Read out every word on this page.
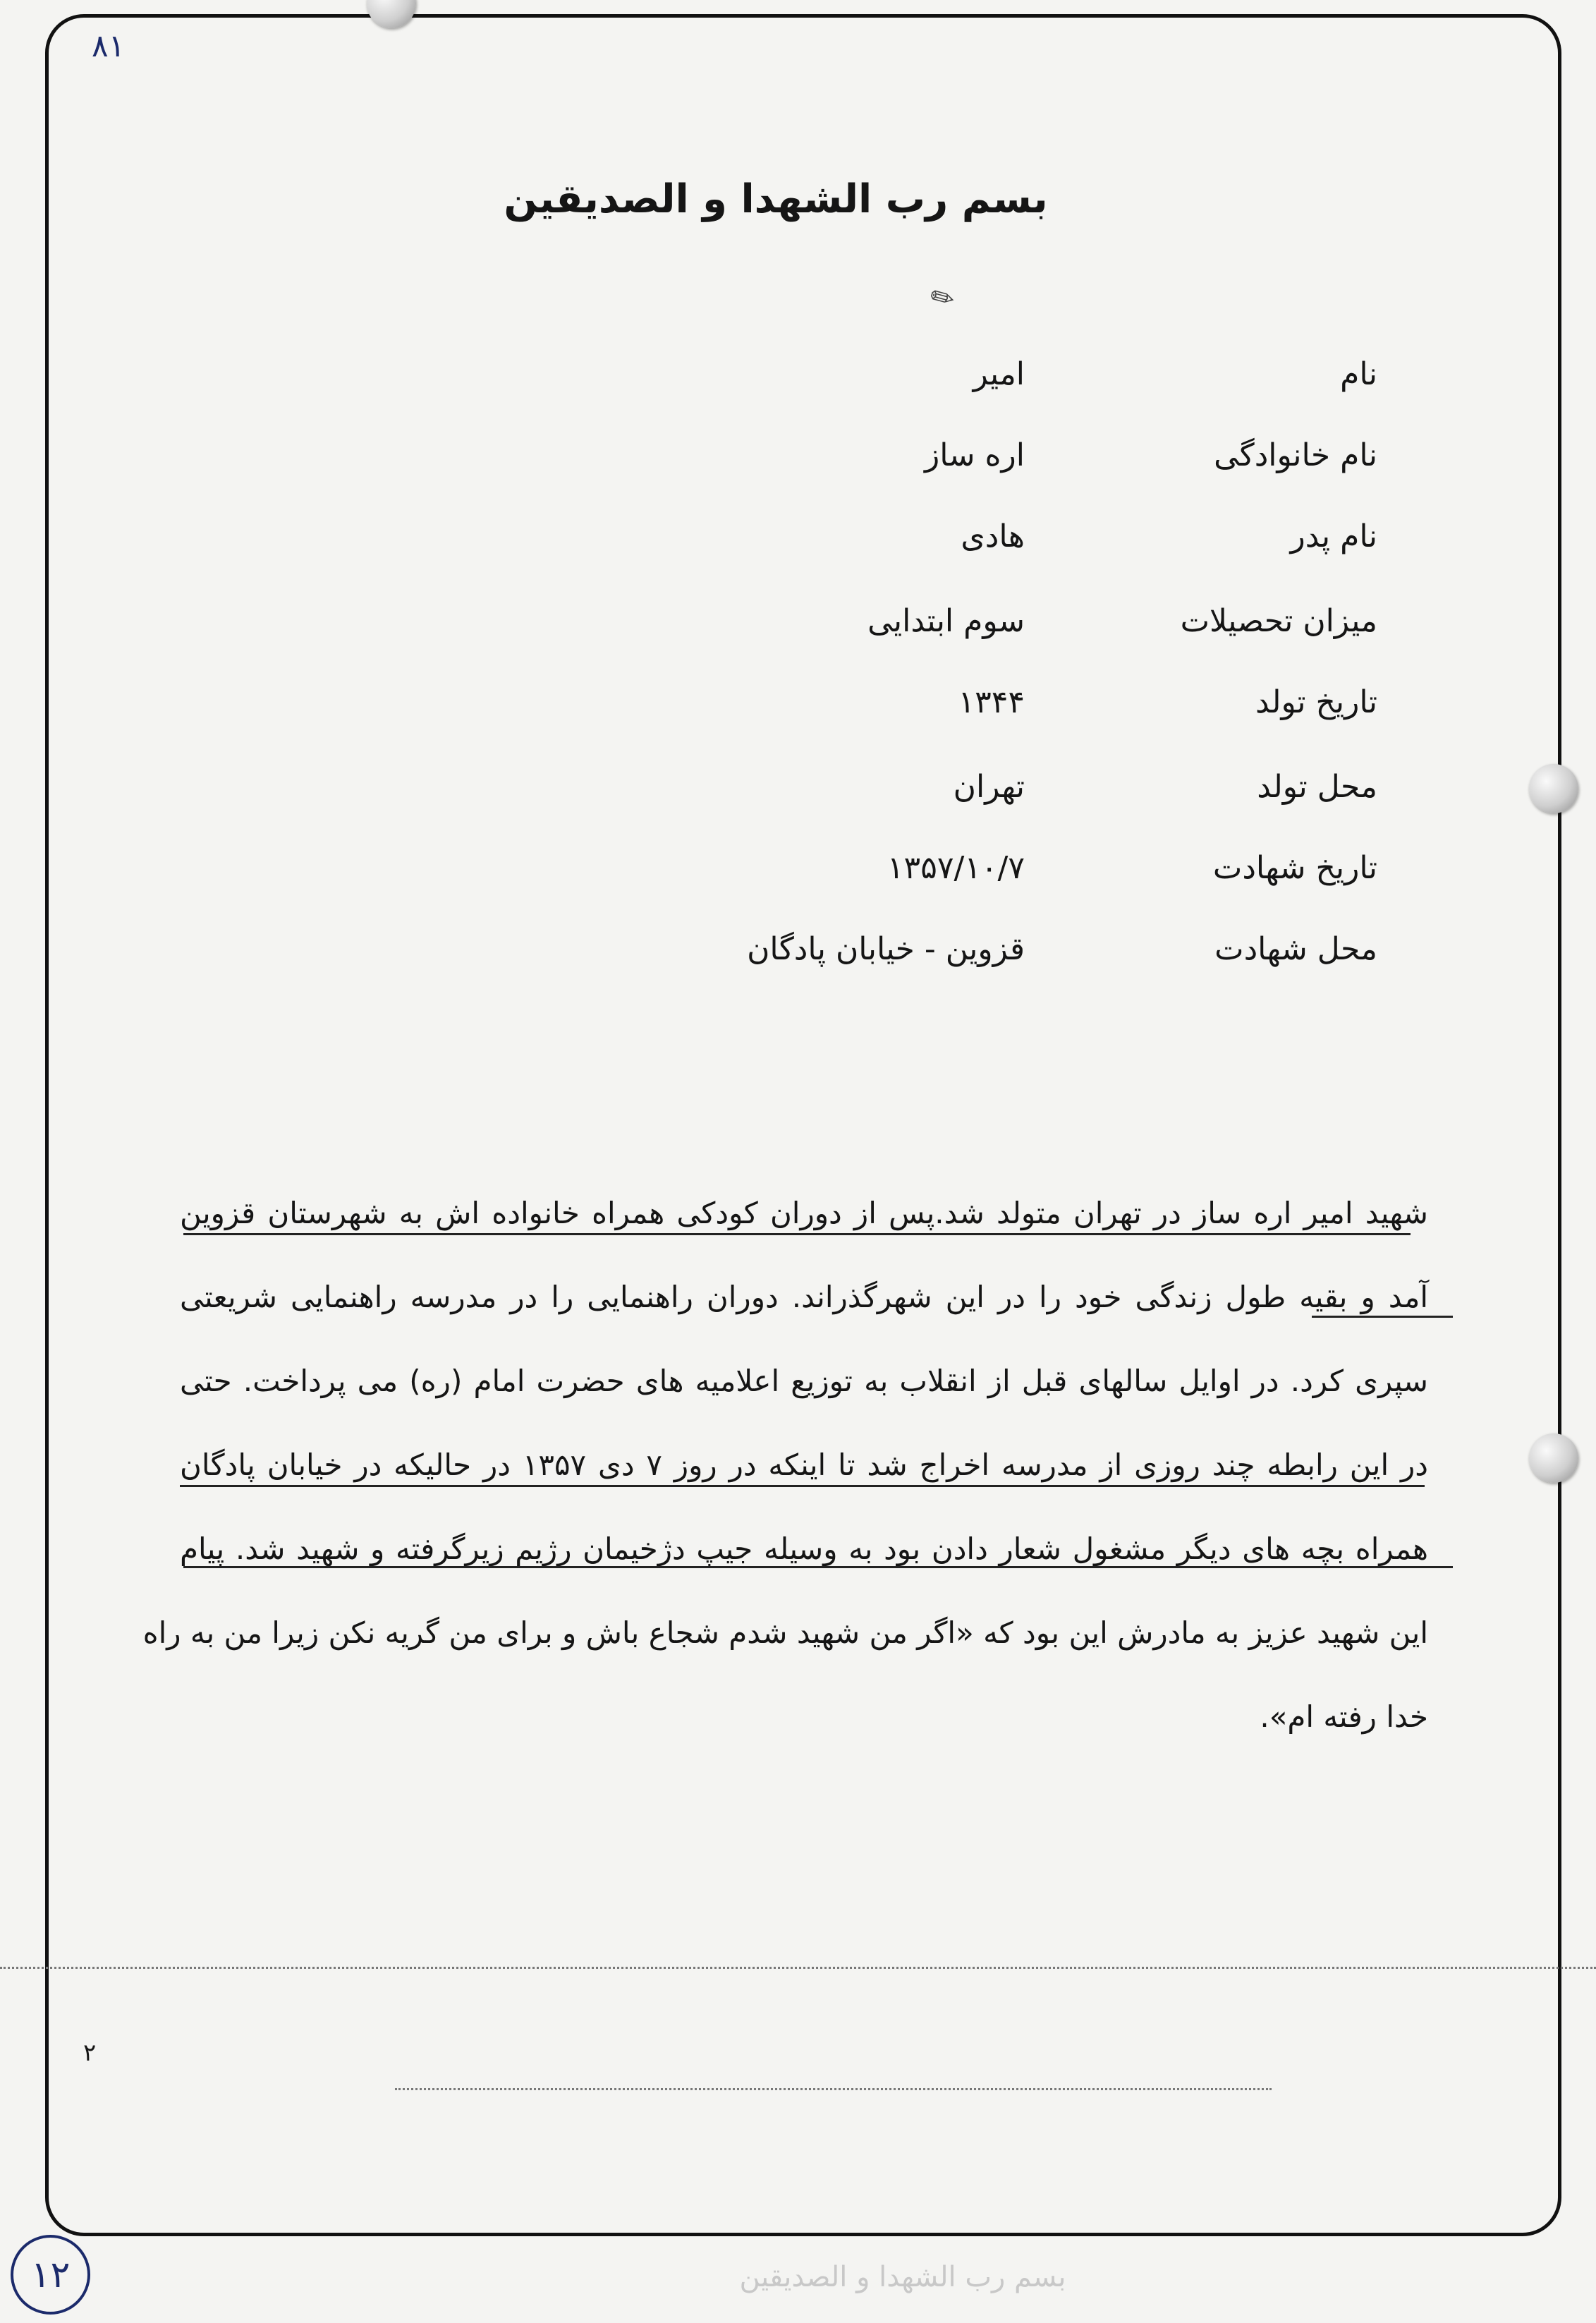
۸۱
بسم رب الشهدا و الصدیقین
✎
نام
امیر
نام خانوادگی
اره ساز
نام پدر
هادی
میزان تحصیلات
سوم ابتدایی
تاریخ تولد
۱۳۴۴
محل تولد
تهران
تاریخ شهادت
۱۳۵۷/۱۰/۷
محل شهادت
قزوین - خیابان پادگان
شهید امیر اره ساز در تهران متولد شد.پس از دوران کودکی همراه خانواده اش به شهرستان قزوین
آمد و بقیه طول زندگی خود را در این شهرگذراند. دوران راهنمایی را در مدرسه راهنمایی شریعتی
سپری کرد. در اوایل سالهای قبل از انقلاب به توزیع اعلامیه های حضرت امام (ره) می پرداخت. حتی
در این رابطه چند روزی از مدرسه اخراج شد تا اینکه در روز ۷ دی ۱۳۵۷ در حالیکه در خیابان پادگان
همراه بچه های دیگر مشغول شعار دادن بود به وسیله جیپ دژخیمان رژیم زیرگرفته و شهید شد. پیام
این شهید عزیز به مادرش این بود که «اگر من شهید شدم شجاع باش و برای من گریه نکن زیرا من به راه
خدا رفته ام».
۲
۱۲	بسم رب الشهدا و الصدیقین
